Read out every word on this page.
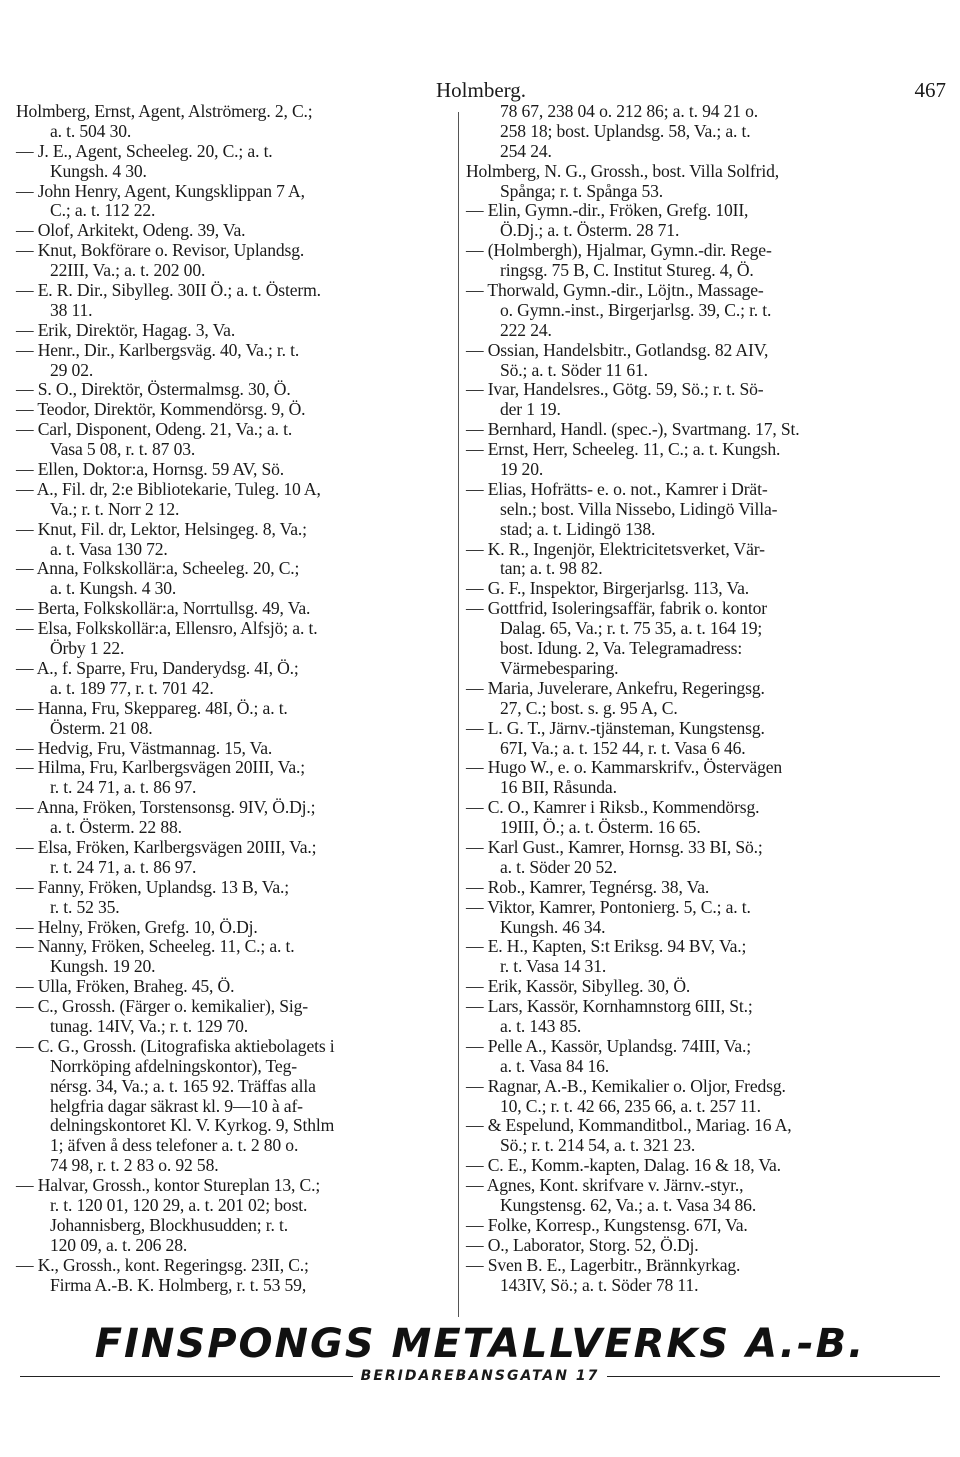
Holmberg.	467
Holmberg, Ernst, Agent, Alströmerg. 2, C.;
a. t. 504 30.
— J. E., Agent, Scheeleg. 20, C.; a. t.
Kungsh. 4 30.
— John Henry, Agent, Kungsklippan 7 A,
C.; a. t. 112 22.
— Olof, Arkitekt, Odeng. 39, Va.
— Knut, Bokförare o. Revisor, Uplandsg.
22III, Va.; a. t. 202 00.
— E. R. Dir., Sibylleg. 30II Ö.; a. t. Österm.
38 11.
— Erik, Direktör, Hagag. 3, Va.
— Henr., Dir., Karlbergsväg. 40, Va.; r. t.
29 02.
— S. O., Direktör, Östermalmsg. 30, Ö.
— Teodor, Direktör, Kommendörsg. 9, Ö.
— Carl, Disponent, Odeng. 21, Va.; a. t.
Vasa 5 08, r. t. 87 03.
— Ellen, Doktor:a, Hornsg. 59 AV, Sö.
— A., Fil. dr, 2:e Bibliotekarie, Tuleg. 10 A,
Va.; r. t. Norr 2 12.
— Knut, Fil. dr, Lektor, Helsingeg. 8, Va.;
a. t. Vasa 130 72.
— Anna, Folkskollär:a, Scheeleg. 20, C.;
a. t. Kungsh. 4 30.
— Berta, Folkskollär:a, Norrtullsg. 49, Va.
— Elsa, Folkskollär:a, Ellensro, Alfsjö; a. t.
Örby 1 22.
— A., f. Sparre, Fru, Danderydsg. 4I, Ö.;
a. t. 189 77, r. t. 701 42.
— Hanna, Fru, Skeppareg. 48I, Ö.; a. t.
Österm. 21 08.
— Hedvig, Fru, Västmannag. 15, Va.
— Hilma, Fru, Karlbergsvägen 20III, Va.;
r. t. 24 71, a. t. 86 97.
— Anna, Fröken, Torstensonsg. 9IV, Ö.Dj.;
a. t. Österm. 22 88.
— Elsa, Fröken, Karlbergsvägen 20III, Va.;
r. t. 24 71, a. t. 86 97.
— Fanny, Fröken, Uplandsg. 13 B, Va.;
r. t. 52 35.
— Helny, Fröken, Grefg. 10, Ö.Dj.
— Nanny, Fröken, Scheeleg. 11, C.; a. t.
Kungsh. 19 20.
— Ulla, Fröken, Braheg. 45, Ö.
— C., Grossh. (Färger o. kemikalier), Sig-
tunag. 14IV, Va.; r. t. 129 70.
— C. G., Grossh. (Litografiska aktiebolagets i
Norrköping afdelningskontor), Teg-
nérsg. 34, Va.; a. t. 165 92. Träffas alla
helgfria dagar säkrast kl. 9—10 à af-
delningskontoret Kl. V. Kyrkog. 9, Sthlm
1; äfven å dess telefoner a. t. 2 80 o.
74 98, r. t. 2 83 o. 92 58.
— Halvar, Grossh., kontor Stureplan 13, C.;
r. t. 120 01, 120 29, a. t. 201 02; bost.
Johannisberg, Blockhusudden; r. t.
120 09, a. t. 206 28.
— K., Grossh., kont. Regeringsg. 23II, C.;
Firma A.-B. K. Holmberg, r. t. 53 59,
78 67, 238 04 o. 212 86; a. t. 94 21 o.
258 18; bost. Uplandsg. 58, Va.; a. t.
254 24.
Holmberg, N. G., Grossh., bost. Villa Solfrid,
Spånga; r. t. Spånga 53.
— Elin, Gymn.-dir., Fröken, Grefg. 10II,
Ö.Dj.; a. t. Österm. 28 71.
— (Holmbergh), Hjalmar, Gymn.-dir. Rege-
ringsg. 75 B, C. Institut Stureg. 4, Ö.
— Thorwald, Gymn.-dir., Löjtn., Massage-
o. Gymn.-inst., Birgerjarlsg. 39, C.; r. t.
222 24.
— Ossian, Handelsbitr., Gotlandsg. 82 AIV,
Sö.; a. t. Söder 11 61.
— Ivar, Handelsres., Götg. 59, Sö.; r. t. Sö-
der 1 19.
— Bernhard, Handl. (spec.-), Svartmang. 17, St.
— Ernst, Herr, Scheeleg. 11, C.; a. t. Kungsh.
19 20.
— Elias, Hofrätts- e. o. not., Kamrer i Drät-
seln.; bost. Villa Nissebo, Lidingö Villa-
stad; a. t. Lidingö 138.
— K. R., Ingenjör, Elektricitetsverket, Vär-
tan; a. t. 98 82.
— G. F., Inspektor, Birgerjarlsg. 113, Va.
— Gottfrid, Isoleringsaffär, fabrik o. kontor
Dalag. 65, Va.; r. t. 75 35, a. t. 164 19;
bost. Idung. 2, Va. Telegramadress:
Värmebesparing.
— Maria, Juvelerare, Ankefru, Regeringsg.
27, C.; bost. s. g. 95 A, C.
— L. G. T., Järnv.-tjänsteman, Kungstensg.
67I, Va.; a. t. 152 44, r. t. Vasa 6 46.
— Hugo W., e. o. Kammarskrifv., Östervägen
16 BII, Råsunda.
— C. O., Kamrer i Riksb., Kommendörsg.
19III, Ö.; a. t. Österm. 16 65.
— Karl Gust., Kamrer, Hornsg. 33 BI, Sö.;
a. t. Söder 20 52.
— Rob., Kamrer, Tegnérsg. 38, Va.
— Viktor, Kamrer, Pontonierg. 5, C.; a. t.
Kungsh. 46 34.
— E. H., Kapten, S:t Eriksg. 94 BV, Va.;
r. t. Vasa 14 31.
— Erik, Kassör, Sibylleg. 30, Ö.
— Lars, Kassör, Kornhamnstorg 6III, St.;
a. t. 143 85.
— Pelle A., Kassör, Uplandsg. 74III, Va.;
a. t. Vasa 84 16.
— Ragnar, A.-B., Kemikalier o. Oljor, Fredsg.
10, C.; r. t. 42 66, 235 66, a. t. 257 11.
— & Espelund, Kommanditbol., Mariag. 16 A,
Sö.; r. t. 214 54, a. t. 321 23.
— C. E., Komm.-kapten, Dalag. 16 & 18, Va.
— Agnes, Kont. skrifvare v. Järnv.-styr.,
Kungstensg. 62, Va.; a. t. Vasa 34 86.
— Folke, Korresp., Kungstensg. 67I, Va.
— O., Laborator, Storg. 52, Ö.Dj.
— Sven B. E., Lagerbitr., Brännkyrkag.
143IV, Sö.; a. t. Söder 78 11.
FINSPONGS METALLVERKS A.-B.
BERIDAREBANSGATAN 17
